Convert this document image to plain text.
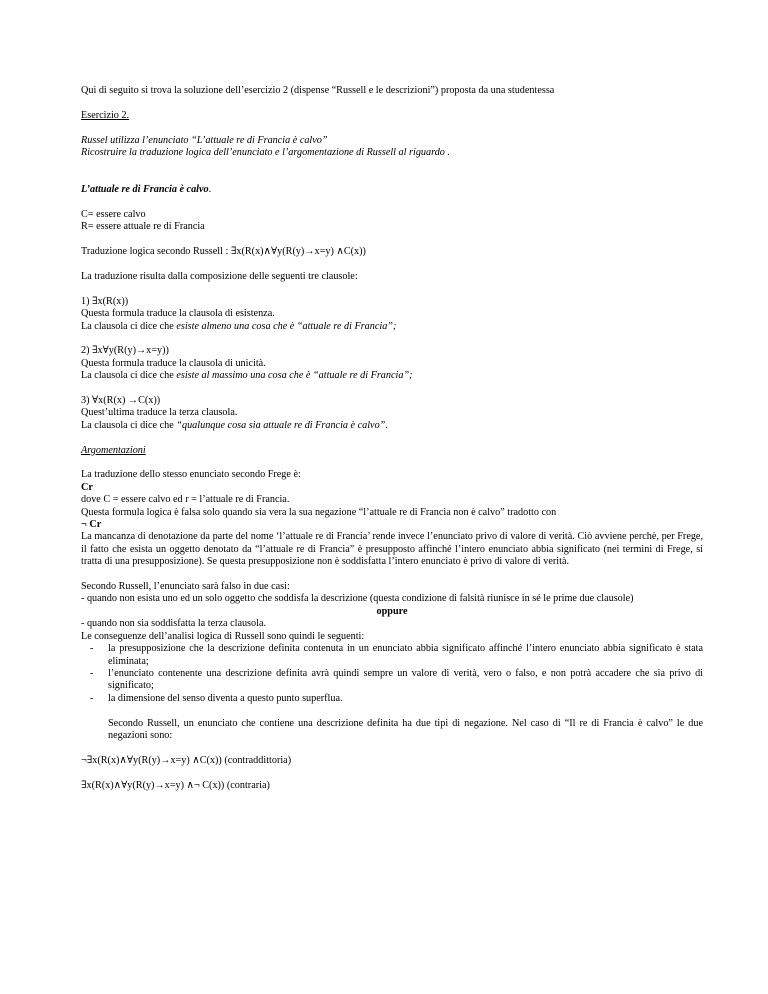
Qui di seguito si trova la soluzione dell’esercizio 2 (dispense “Russell e le descrizioni”) proposta da una studentessa

Esercizio 2.

Russel utilizza l’enunciato “L’attuale re di Francia è calvo”

Ricostruire la traduzione logica dell’enunciato e l’argomentazione di Russell al riguardo .

L’attuale re di Francia è calvo.

C= essere calvo

R= essere attuale re di Francia

Traduzione logica secondo Russell : ∃x(R(x)∧∀y(R(y)→x=y) ∧C(x))

La traduzione risulta dalla composizione delle seguenti tre clausole:

1) ∃x(R(x))

Questa formula traduce la clausola di esistenza.

La clausola ci dice che esiste almeno una cosa che è “attuale re di Francia”;

2) ∃x∀y(R(y)→x=y))

Questa formula traduce la clausola di unicità.

La clausola ci dice che esiste al massimo una cosa che è “attuale re di Francia”;

3) ∀x(R(x) →C(x))

Quest’ultima traduce la terza clausola.

La clausola ci dice che “qualunque cosa sia attuale re di Francia è calvo”.

Argomentazioni

La traduzione dello stesso enunciato secondo Frege è:

Cr

dove C = essere calvo ed r = l’attuale re di Francia.

Questa formula logica è falsa solo quando sia vera la sua negazione “l’attuale re di Francia non è calvo” tradotto con

¬ Cr

La mancanza di denotazione da parte del nome ‘l’attuale re di Francia’ rende invece l’enunciato privo di valore di verità. Ciò avviene perchè, per Frege, il fatto che esista un oggetto denotato da “l’attuale re di Francia” è presupposto affinché l’intero enunciato abbia significato (nei termini di Frege, si tratta di una presupposizione). Se questa presupposizione non è soddisfatta l’intero enunciato è privo di valore di verità.

Secondo Russell, l’enunciato sarà falso in due casi:

- quando non esista uno ed un solo oggetto che soddisfa la descrizione (questa condizione di falsità riunisce in sé le prime due clausole)

oppure

- quando non sia soddisfatta la terza clausola.

Le conseguenze dell’analisi logica di Russell sono quindi le seguenti:

- la presupposizione che la descrizione definita contenuta in un enunciato abbia significato affinché l’intero enunciato abbia significato è stata eliminata;
- l’enunciato contenente una descrizione definita avrà quindi sempre un valore di verità, vero o falso, e non potrà accadere che sia privo di significato;
- la dimensione del senso diventa a questo punto superflua.

Secondo Russell, un enunciato che contiene una descrizione definita ha due tipi di negazione. Nel caso di “Il re di Francia è calvo” le due negazioni sono:

¬∃x(R(x)∧∀y(R(y)→x=y) ∧C(x)) (contraddittoria)

∃x(R(x)∧∀y(R(y)→x=y) ∧¬ C(x)) (contraria)
